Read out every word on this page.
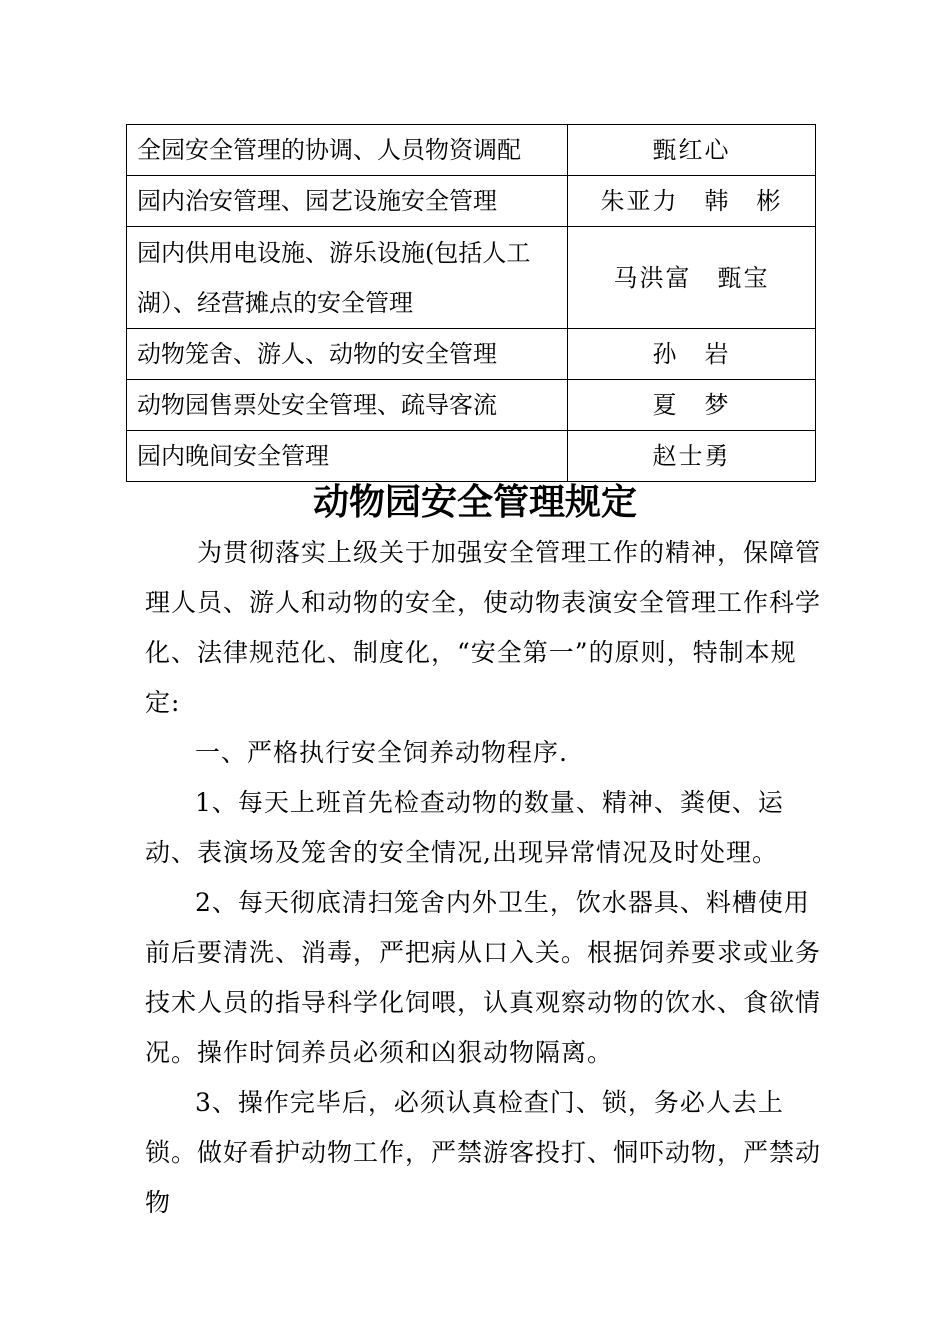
全园安全管理的协调、人员物资调配	甄红心
园内治安管理、园艺设施安全管理	朱亚力　韩　彬
园内供用电设施、游乐设施(包括人工湖）、经营摊点的安全管理	马洪富　甄宝
动物笼舍、游人、动物的安全管理	孙　岩
动物园售票处安全管理、疏导客流	夏　梦
园内晚间安全管理	赵士勇
动物园安全管理规定

为贯彻落实上级关于加强安全管理工作的精神，保障管理人员、游人和动物的安全，使动物表演安全管理工作科学化、法律规范化、制度化，“安全第一”的原则，特制本规定:

一、严格执行安全饲养动物程序.

1、每天上班首先检查动物的数量、精神、粪便、运动、表演场及笼舍的安全情况,出现异常情况及时处理。

2、每天彻底清扫笼舍内外卫生，饮水器具、料槽使用前后要清洗、消毒，严把病从口入关。根据饲养要求或业务技术人员的指导科学化饲喂，认真观察动物的饮水、食欲情况。操作时饲养员必须和凶狠动物隔离。

3、操作完毕后，必须认真检查门、锁，务必人去上锁。做好看护动物工作，严禁游客投打、恫吓动物，严禁动物
